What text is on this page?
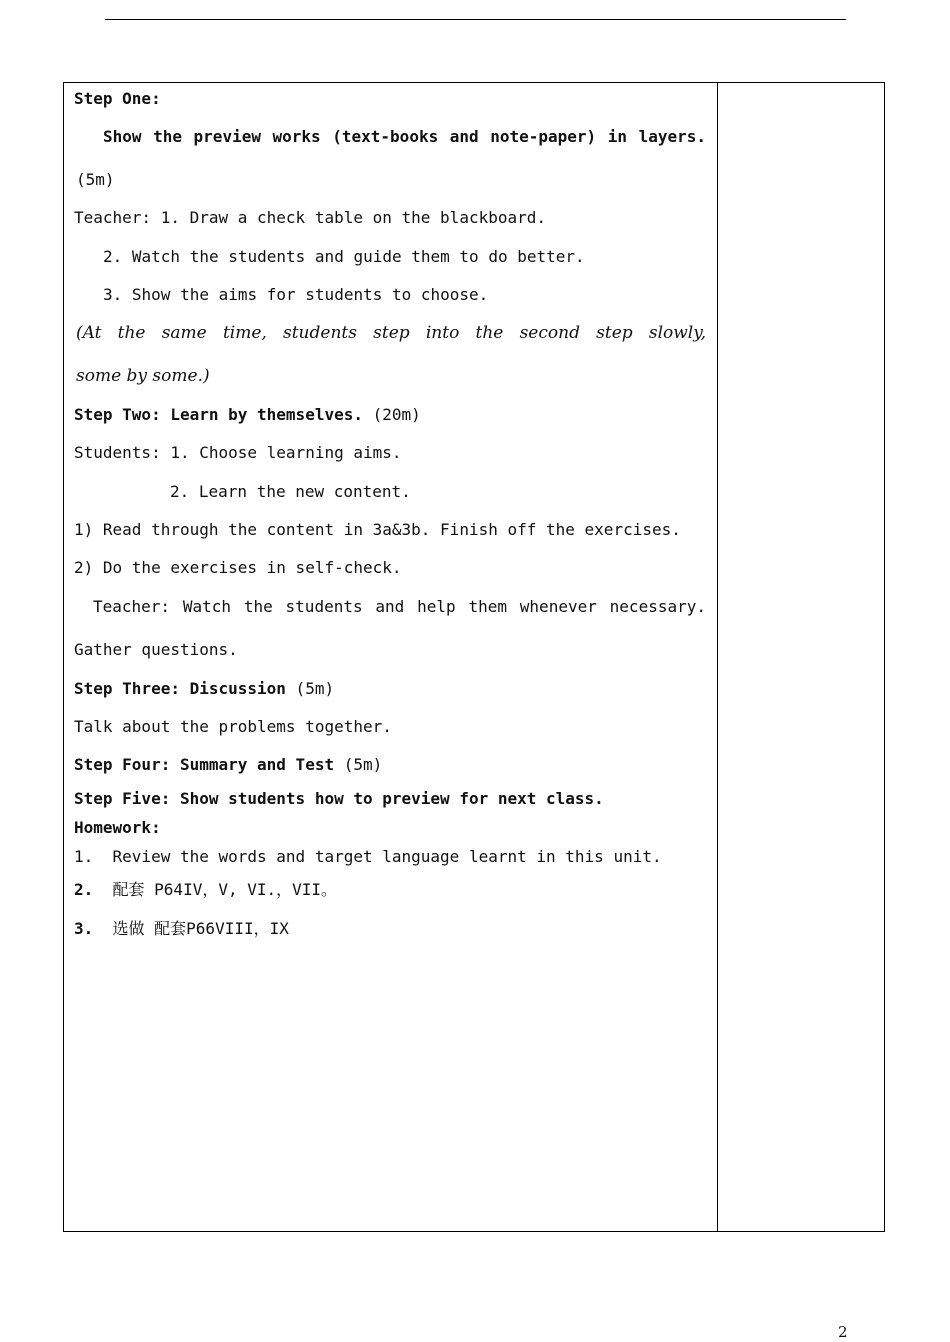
Step One:
Show the preview works (text-books and note-paper) in layers.
(5m)
Teacher: 1. Draw a check table on the blackboard.
2. Watch the students and guide them to do better.
3. Show the aims for students to choose.
(At the same time, students step into the second step slowly,
some by some.)
Step Two: Learn by themselves. (20m)
Students: 1. Choose learning aims.
2. Learn the new content.
1) Read through the content in 3a&3b. Finish off the exercises.
2) Do the exercises in self-check.
Teacher: Watch the students and help them whenever necessary.
Gather questions.
Step Three: Discussion (5m)
Talk about the problems together.
Step Four: Summary and Test (5m)
Step Five: Show students how to preview for next class.
Homework:
1.  Review the words and target language learnt in this unit.
2.  配套 P64IV，V, VI.，VII。
3.  选做 配套P66VIII，IX
2
